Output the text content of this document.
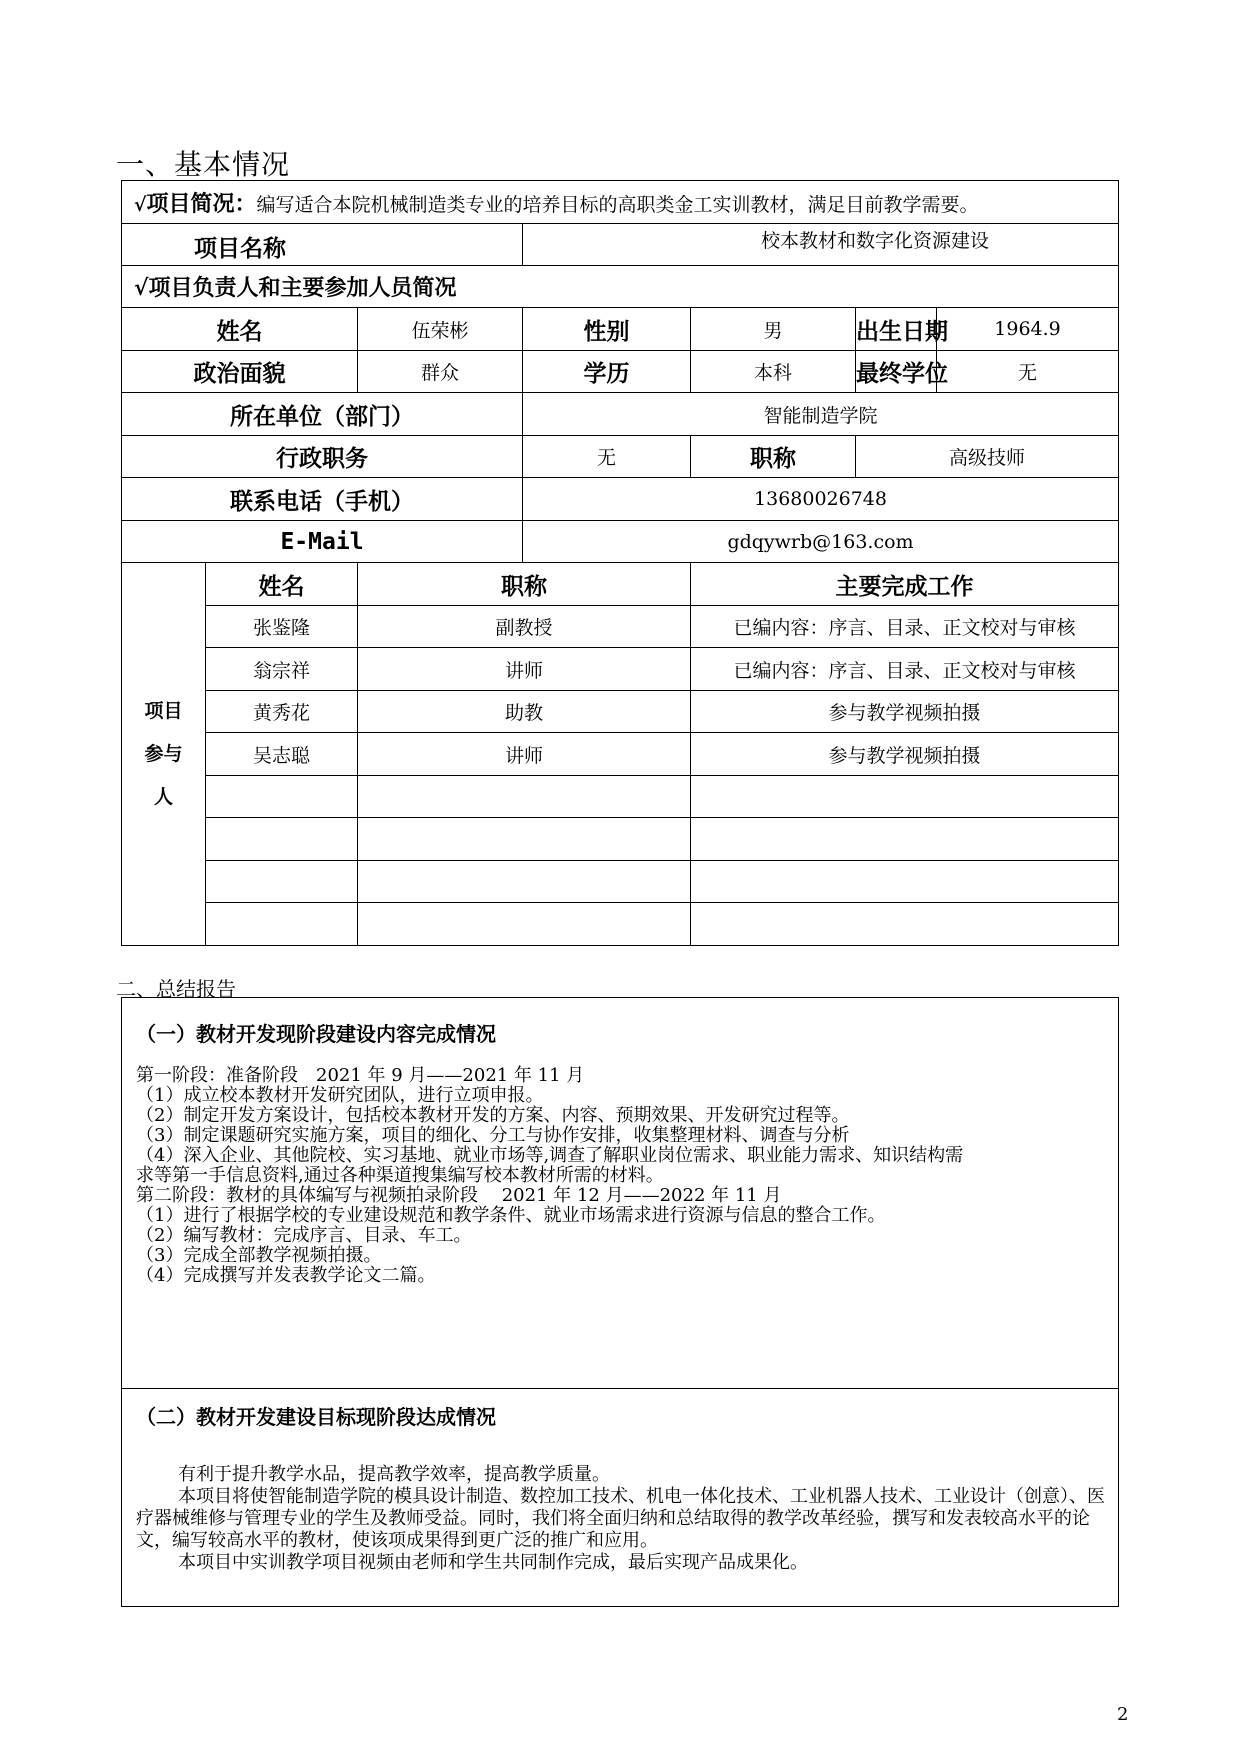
一、基本情况
√项目简况：编写适合本院机械制造类专业的培养目标的高职类金工实训教材，满足目前教学需要。						
项目名称			校本教材和数字化资源建设			
√项目负责人和主要参加人员简况						
姓名		伍荣彬	性别	男	出生日期	1964.9
政治面貌		群众	学历	本科	最终学位	无
所在单位（部门）			智能制造学院			
行政职务			无	职称	高级技师	
联系电话（手机）			13680026748			
E-Mail			gdqywrb@163.com			

项目
参与
人	姓名	职称		主要完成工作		
	张鉴隆	副教授		已编内容：序言、目录、正文校对与审核		
	翁宗祥	讲师		已编内容：序言、目录、正文校对与审核		
	黄秀花	助教		参与教学视频拍摄		
	吴志聪	讲师		参与教学视频拍摄		

二、总结报告
（一）教材开发现阶段建设内容完成情况
第一阶段：准备阶段　2021 年 9 月——2021 年 11 月
（1）成立校本教材开发研究团队，进行立项申报。
（2）制定开发方案设计，包括校本教材开发的方案、内容、预期效果、开发研究过程等。
（3）制定课题研究实施方案，项目的细化、分工与协作安排，收集整理材料、调查与分析
（4）深入企业、其他院校、实习基地、就业市场等,调查了解职业岗位需求、职业能力需求、知识结构需
求等第一手信息资料,通过各种渠道搜集编写校本教材所需的材料。
第二阶段：教材的具体编写与视频拍录阶段　 2021 年 12 月——2022 年 11 月
（1）进行了根据学校的专业建设规范和教学条件、就业市场需求进行资源与信息的整合工作。
（2）编写教材：完成序言、目录、车工。
（3）完成全部教学视频拍摄。
（4）完成撰写并发表教学论文二篇。
（二）教材开发建设目标现阶段达成情况

有利于提升教学水品，提高教学效率，提高教学质量。

本项目将使智能制造学院的模具设计制造、数控加工技术、机电一体化技术、工业机器人技术、工业设计（创意）、医疗器械维修与管理专业的学生及教师受益。同时，我们将全面归纳和总结取得的教学改革经验，撰写和发表较高水平的论文，编写较高水平的教材，使该项成果得到更广泛的推广和应用。

本项目中实训教学项目视频由老师和学生共同制作完成，最后实现产品成果化。

2
